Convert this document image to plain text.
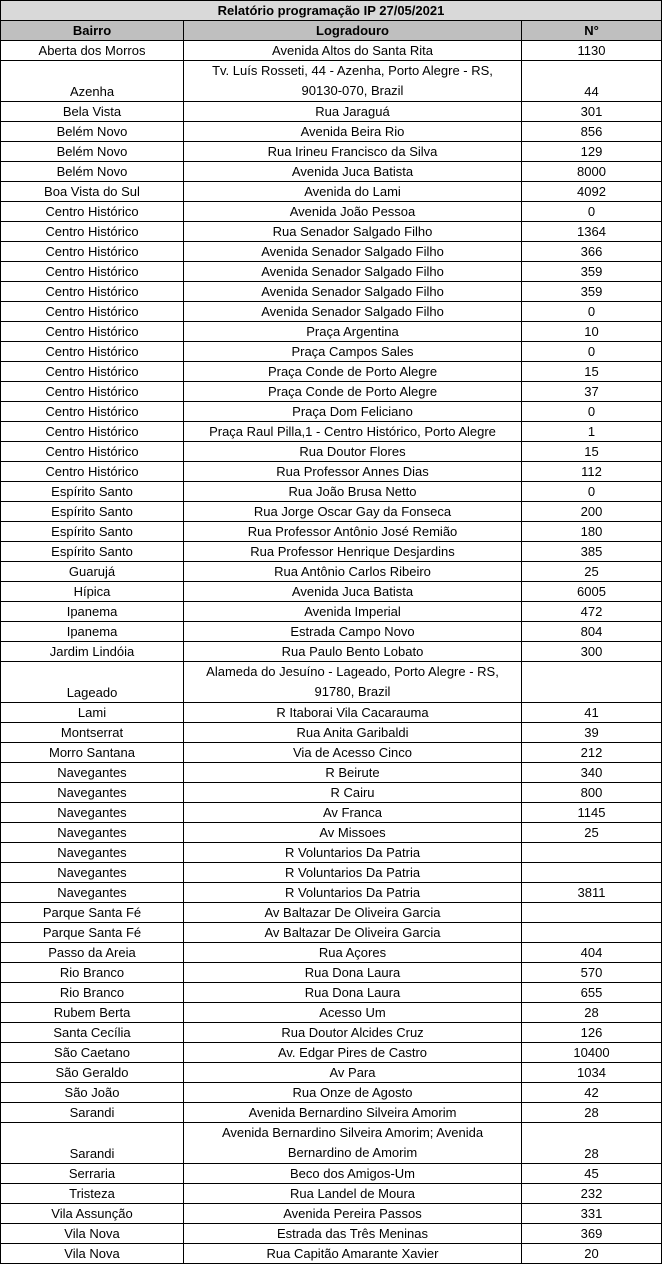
Relatório programação IP 27/05/2021		
Bairro	Logradouro	N°
Aberta dos Morros	Avenida Altos do Santa Rita	1130
Azenha	Tv. Luís Rosseti, 44 - Azenha, Porto Alegre - RS, 90130-070, Brazil	44
Bela Vista	Rua Jaraguá	301
Belém Novo	Avenida Beira Rio	856
Belém Novo	Rua Irineu Francisco da Silva	129
Belém Novo	Avenida Juca Batista	8000
Boa Vista do Sul	Avenida do Lami	4092
Centro Histórico	Avenida João Pessoa	0
Centro Histórico	Rua Senador Salgado Filho	1364
Centro Histórico	Avenida Senador Salgado Filho	366
Centro Histórico	Avenida Senador Salgado Filho	359
Centro Histórico	Avenida Senador Salgado Filho	359
Centro Histórico	Avenida Senador Salgado Filho	0
Centro Histórico	Praça Argentina	10
Centro Histórico	Praça Campos Sales	0
Centro Histórico	Praça Conde de Porto Alegre	15
Centro Histórico	Praça Conde de Porto Alegre	37
Centro Histórico	Praça Dom Feliciano	0
Centro Histórico	Praça Raul Pilla,1 - Centro Histórico, Porto Alegre	1
Centro Histórico	Rua Doutor Flores	15
Centro Histórico	Rua Professor Annes Dias	112
Espírito Santo	Rua João Brusa Netto	0
Espírito Santo	Rua Jorge Oscar Gay da Fonseca	200
Espírito Santo	Rua Professor Antônio José Remião	180
Espírito Santo	Rua Professor Henrique Desjardins	385
Guarujá	Rua Antônio Carlos Ribeiro	25
Hípica	Avenida Juca Batista	6005
Ipanema	Avenida Imperial	472
Ipanema	Estrada Campo Novo	804
Jardim Lindóia	Rua Paulo Bento Lobato	300
Lageado	Alameda do Jesuíno - Lageado, Porto Alegre - RS, 91780, Brazil	
Lami	R Itaborai Vila Cacarauma	41
Montserrat	Rua Anita Garibaldi	39
Morro Santana	Via de Acesso Cinco	212
Navegantes	R Beirute	340
Navegantes	R Cairu	800
Navegantes	Av Franca	1145
Navegantes	Av Missoes	25
Navegantes	R Voluntarios Da Patria	
Navegantes	R Voluntarios Da Patria	
Navegantes	R Voluntarios Da Patria	3811
Parque Santa Fé	Av Baltazar De Oliveira Garcia	
Parque Santa Fé	Av Baltazar De Oliveira Garcia	
Passo da Areia	Rua Açores	404
Rio Branco	Rua Dona Laura	570
Rio Branco	Rua Dona Laura	655
Rubem Berta	Acesso Um	28
Santa Cecília	Rua Doutor Alcides Cruz	126
São Caetano	Av. Edgar Pires de Castro	10400
São Geraldo	Av Para	1034
São João	Rua Onze de Agosto	42
Sarandi	Avenida Bernardino Silveira Amorim	28
Sarandi	Avenida Bernardino Silveira Amorim; Avenida Bernardino de Amorim	28
Serraria	Beco dos Amigos-Um	45
Tristeza	Rua Landel de Moura	232
Vila Assunção	Avenida Pereira Passos	331
Vila Nova	Estrada das Três Meninas	369
Vila Nova	Rua Capitão Amarante Xavier	20
